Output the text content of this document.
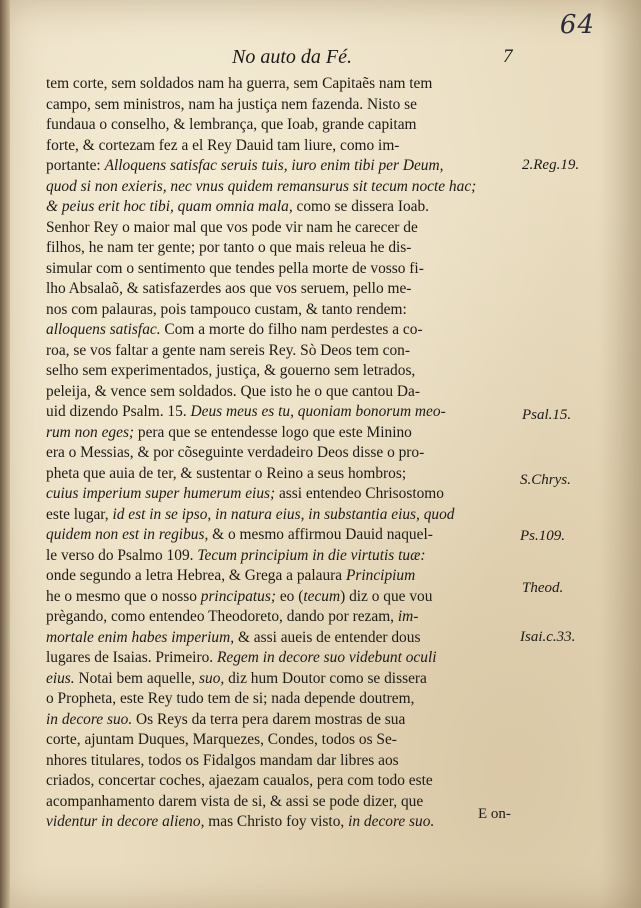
64
No auto da Fé.	7
tem corte, sem soldados nam ha guerra, sem Capitaẽs nam tem
campo, sem ministros, nam ha justiça nem fazenda. Nisto se
fundaua o conselho, & lembrança, que Ioab, grande capitam
forte, & cortezam fez a el Rey Dauid tam liure, como im-
portante: Alloquens satisfac seruis tuis, iuro enim tibi per Deum,
quod si non exieris, nec vnus quidem remansurus sit tecum nocte hac;
& peius erit hoc tibi, quam omnia mala, como se dissera Ioab.
Senhor Rey o maior mal que vos pode vir nam he carecer de
filhos, he nam ter gente; por tanto o que mais releua he dis-
simular com o sentimento que tendes pella morte de vosso fi-
lho Absalaõ, & satisfazerdes aos que vos seruem, pello me-
nos com palauras, pois tampouco custam, & tanto rendem:
alloquens satisfac. Com a morte do filho nam perdestes a co-
roa, se vos faltar a gente nam sereis Rey. Sò Deos tem con-
selho sem experimentados, justiça, & gouerno sem letrados,
peleija, & vence sem soldados. Que isto he o que cantou Da-
uid dizendo Psalm. 15. Deus meus es tu, quoniam bonorum meo-
rum non eges; pera que se entendesse logo que este Minino
era o Messias, & por cõseguinte verdadeiro Deos disse o pro-
pheta que auia de ter, & sustentar o Reino a seus hombros;
cuius imperium super humerum eius; assi entendeo Chrisostomo
este lugar, id est in se ipso, in natura eius, in substantia eius, quod
quidem non est in regibus, & o mesmo affirmou Dauid naquel-
le verso do Psalmo 109. Tecum principium in die virtutis tuæ:
onde segundo a letra Hebrea, & Grega a palaura Principium
he o mesmo que o nosso principatus; eo (tecum) diz o que vou
prègando, como entendeo Theodoreto, dando por rezam, im-
mortale enim habes imperium, & assi aueis de entender dous
lugares de Isaias. Primeiro. Regem in decore suo videbunt oculi
eius. Notai bem aquelle, suo, diz hum Doutor como se dissera
o Propheta, este Rey tudo tem de si; nada depende doutrem,
in decore suo. Os Reys da terra pera darem mostras de sua
corte, ajuntam Duques, Marquezes, Condes, todos os Se-
nhores titulares, todos os Fidalgos mandam dar libres aos
criados, concertar coches, ajaezam caualos, pera com todo este
acompanhamento darem vista de si, & assi se pode dizer, que
videntur in decore alieno, mas Christo foy visto, in decore suo.
2.Reg.19.
Psal.15.
S.Chrys.
Ps.109.
Theod.
Isai.c.33.
E on-
